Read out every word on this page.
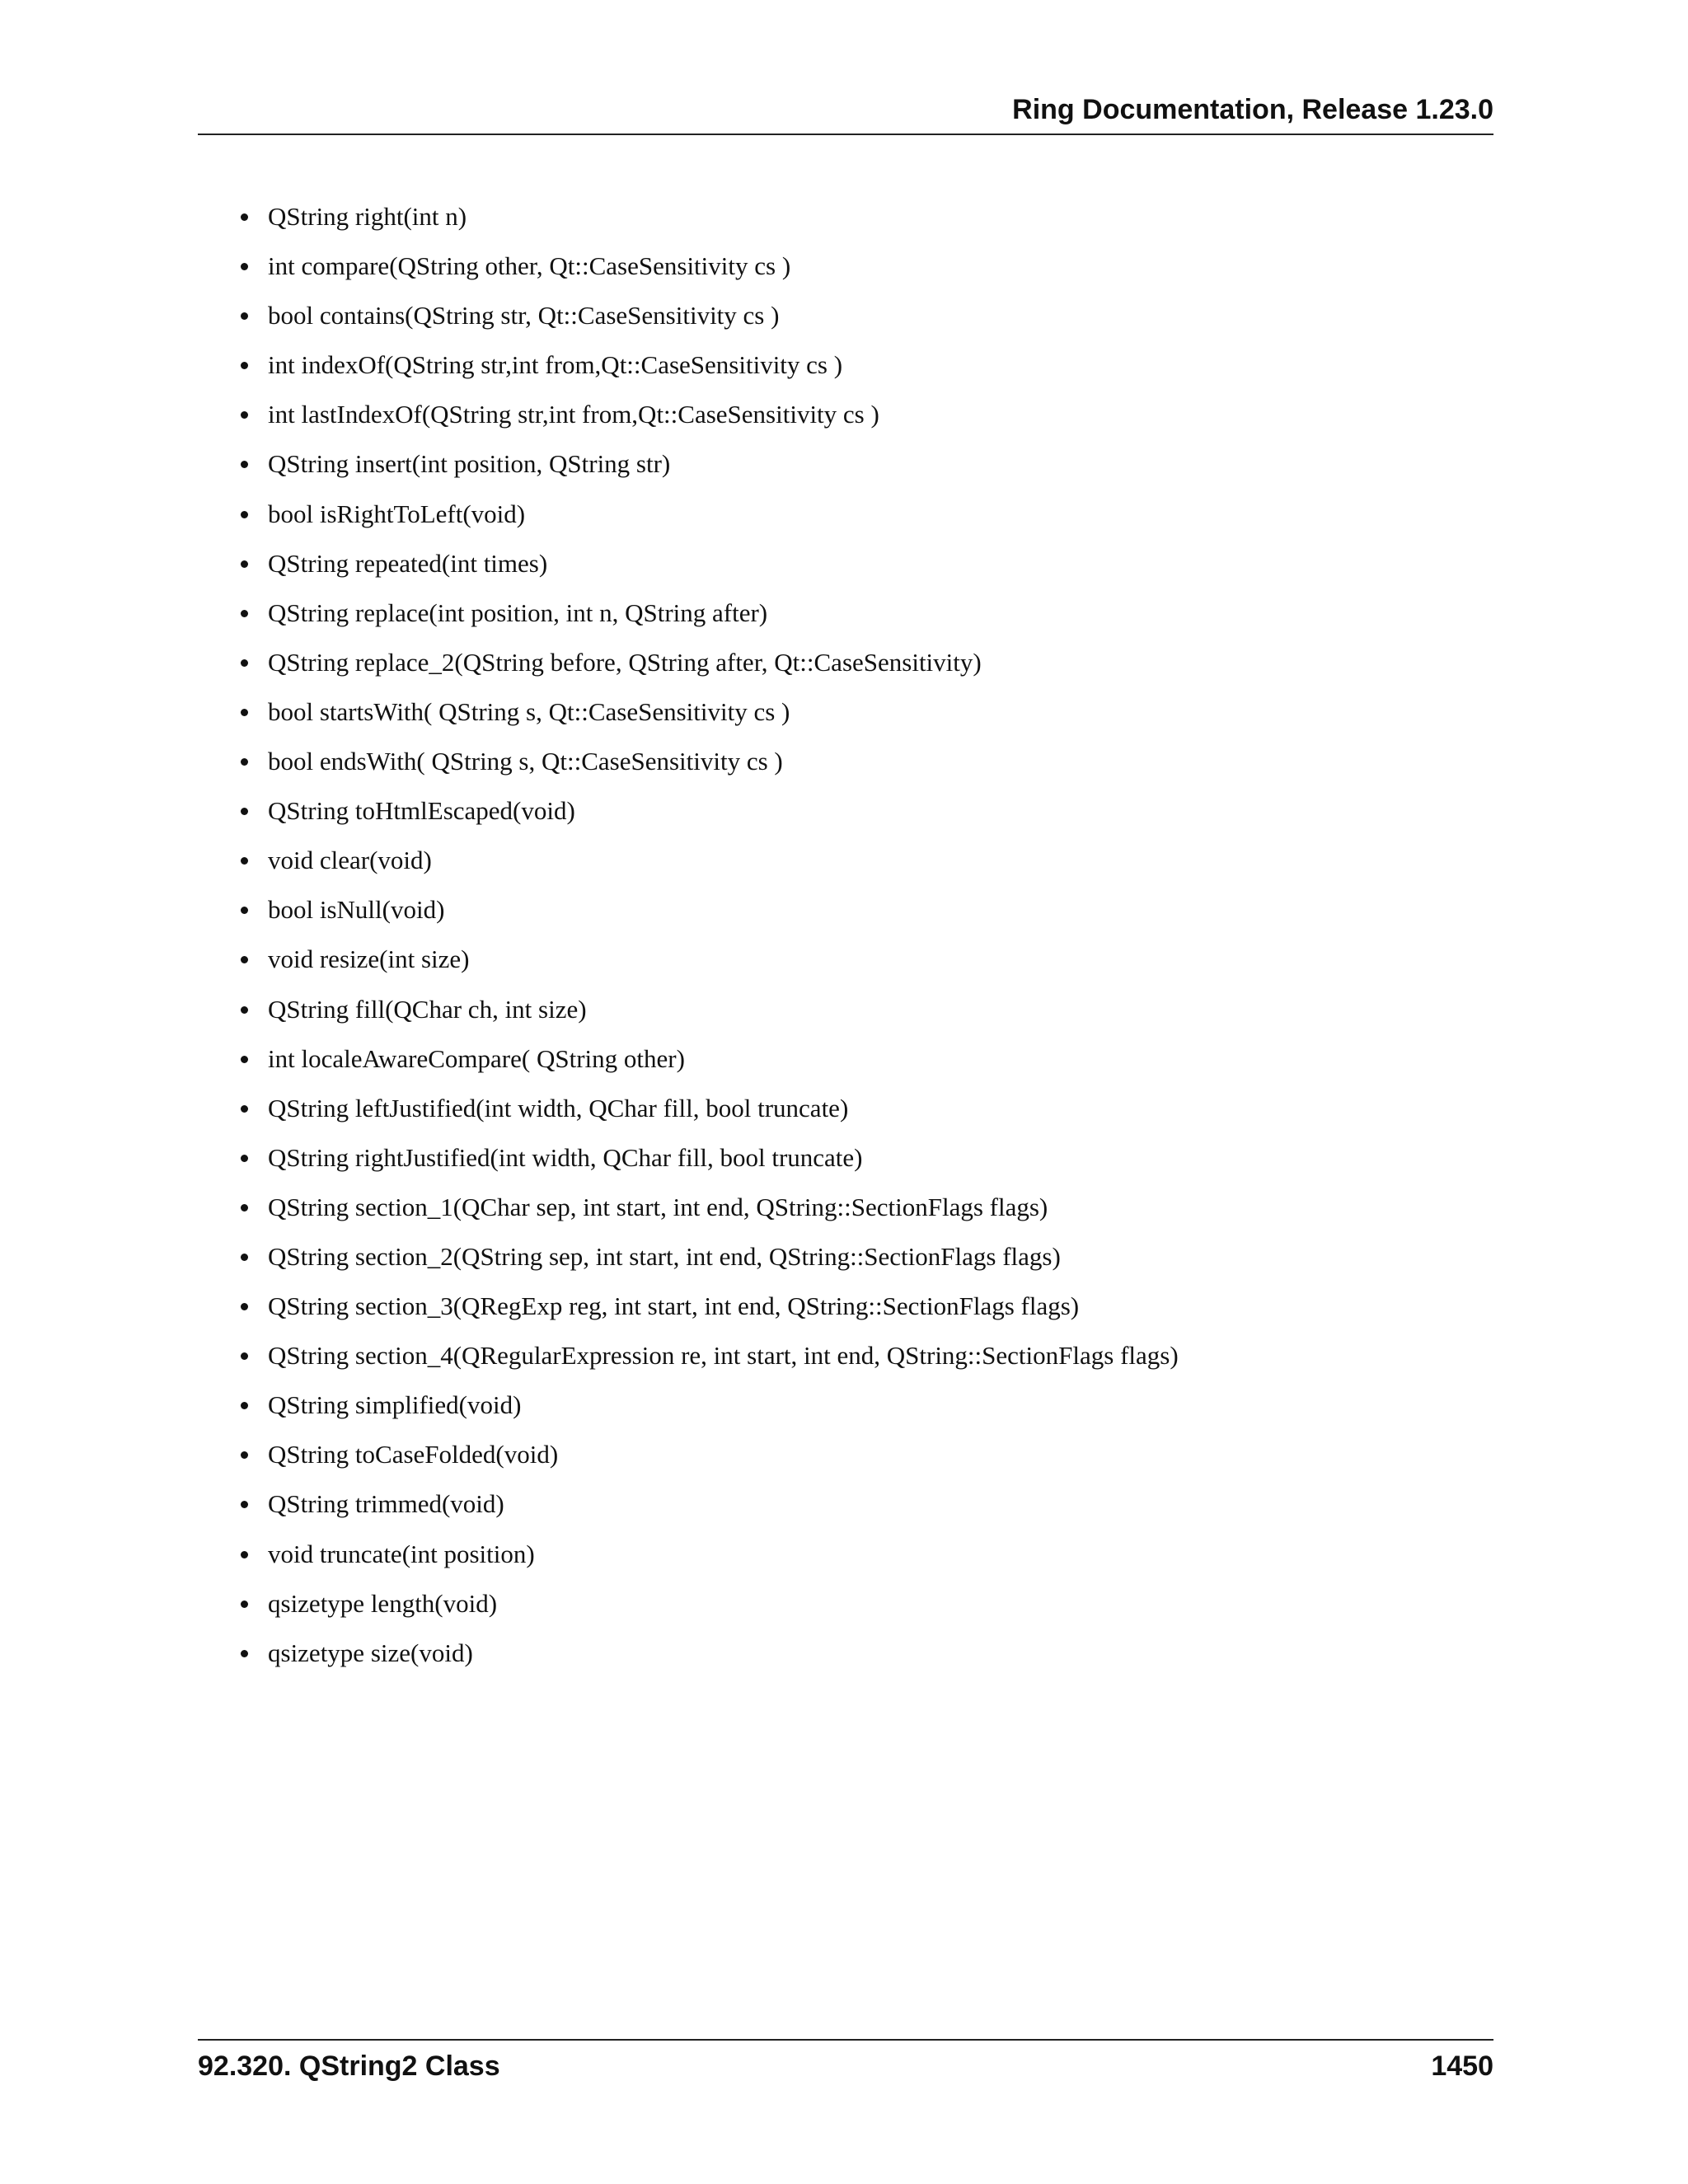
Ring Documentation, Release 1.23.0
QString right(int n)
int compare(QString other, Qt::CaseSensitivity cs )
bool contains(QString str, Qt::CaseSensitivity cs )
int indexOf(QString str,int from,Qt::CaseSensitivity cs )
int lastIndexOf(QString str,int from,Qt::CaseSensitivity cs )
QString insert(int position, QString str)
bool isRightToLeft(void)
QString repeated(int times)
QString replace(int position, int n, QString after)
QString replace_2(QString before, QString after, Qt::CaseSensitivity)
bool startsWith( QString s, Qt::CaseSensitivity cs )
bool endsWith( QString s, Qt::CaseSensitivity cs )
QString toHtmlEscaped(void)
void clear(void)
bool isNull(void)
void resize(int size)
QString fill(QChar ch, int size)
int localeAwareCompare( QString other)
QString leftJustified(int width, QChar fill, bool truncate)
QString rightJustified(int width, QChar fill, bool truncate)
QString section_1(QChar sep, int start, int end, QString::SectionFlags flags)
QString section_2(QString sep, int start, int end, QString::SectionFlags flags)
QString section_3(QRegExp reg, int start, int end, QString::SectionFlags flags)
QString section_4(QRegularExpression re, int start, int end, QString::SectionFlags flags)
QString simplified(void)
QString toCaseFolded(void)
QString trimmed(void)
void truncate(int position)
qsizetype length(void)
qsizetype size(void)
92.320. QString2 Class	1450
